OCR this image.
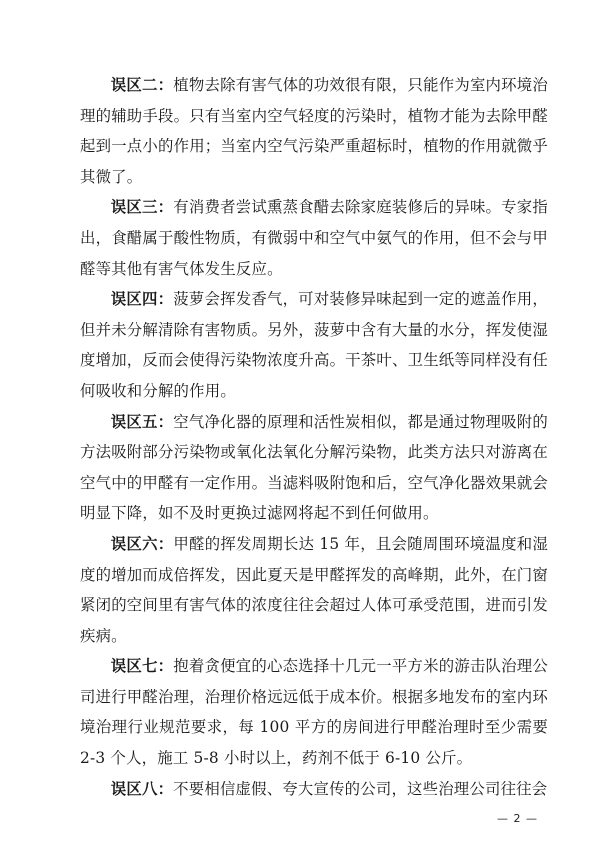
误区二：植物去除有害气体的功效很有限，只能作为室内环境治理的辅助手段。只有当室内空气轻度的污染时，植物才能为去除甲醛起到一点小的作用；当室内空气污染严重超标时，植物的作用就微乎其微了。

误区三：有消费者尝试熏蒸食醋去除家庭装修后的异味。专家指出，食醋属于酸性物质，有微弱中和空气中氨气的作用，但不会与甲醛等其他有害气体发生反应。

误区四：菠萝会挥发香气，可对装修异味起到一定的遮盖作用，但并未分解清除有害物质。另外，菠萝中含有大量的水分，挥发使湿度增加，反而会使得污染物浓度升高。干茶叶、卫生纸等同样没有任何吸收和分解的作用。

误区五：空气净化器的原理和活性炭相似，都是通过物理吸附的方法吸附部分污染物或氧化法氧化分解污染物，此类方法只对游离在空气中的甲醛有一定作用。当滤料吸附饱和后，空气净化器效果就会明显下降，如不及时更换过滤网将起不到任何做用。

误区六：甲醛的挥发周期长达 15 年，且会随周围环境温度和湿度的增加而成倍挥发，因此夏天是甲醛挥发的高峰期，此外，在门窗紧闭的空间里有害气体的浓度往往会超过人体可承受范围，进而引发疾病。

误区七：抱着贪便宜的心态选择十几元一平方米的游击队治理公司进行甲醛治理，治理价格远远低于成本价。根据多地发布的室内环境治理行业规范要求，每 100 平方的房间进行甲醛治理时至少需要 2-3 个人，施工 5-8 小时以上，药剂不低于 6-10 公斤。

误区八：不要相信虚假、夸大宣传的公司，这些治理公司往往会

— 2 —
